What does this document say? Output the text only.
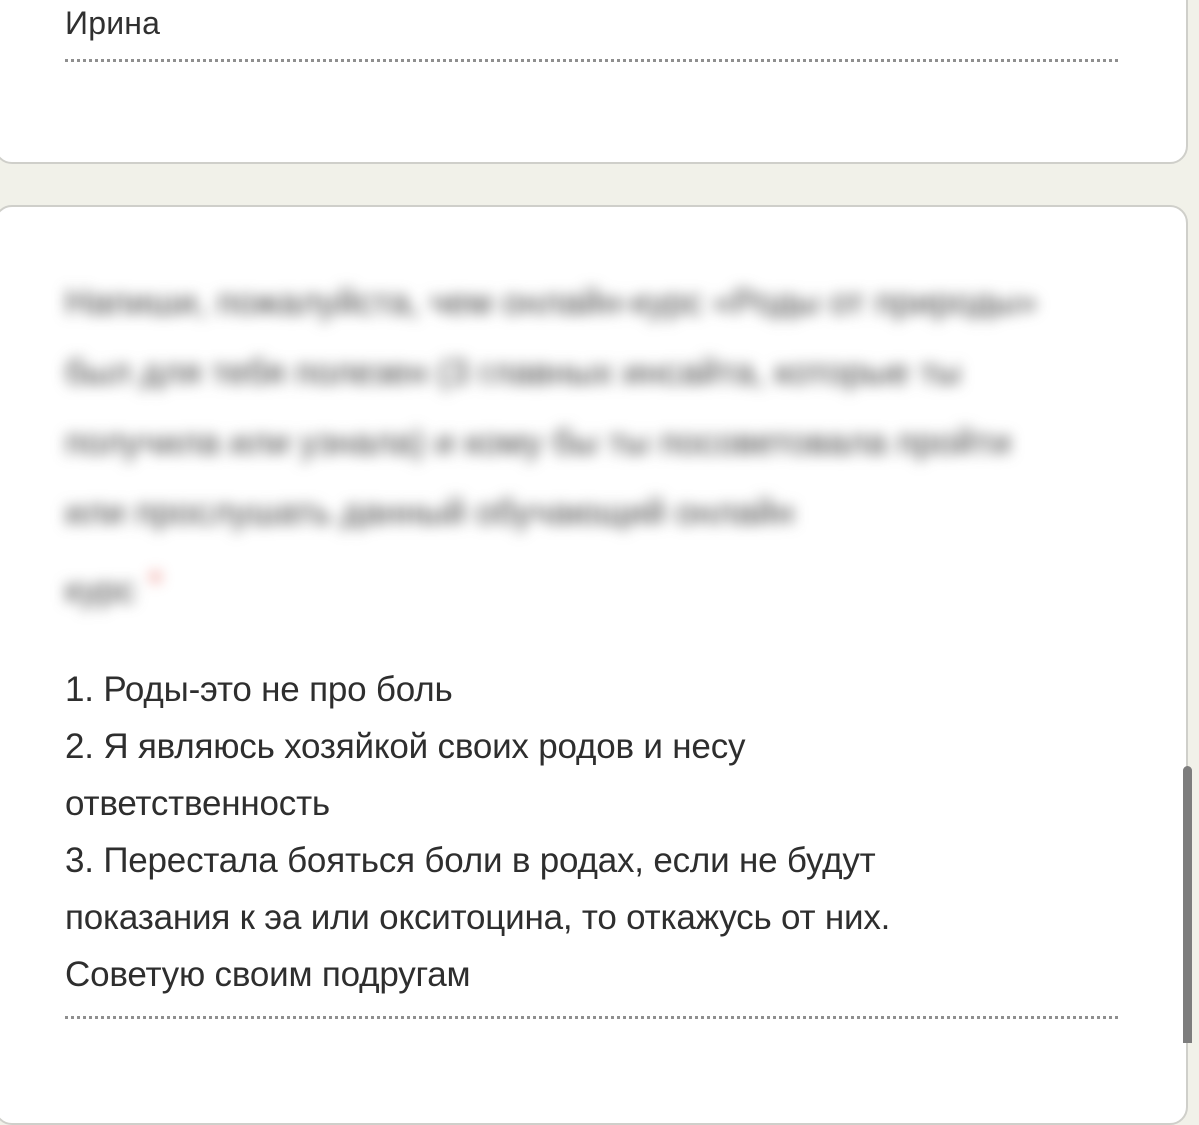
Ирина
Напиши, пожалуйста, чем онлайн-курс «Роды от природы»
был для тебя полезен (3 главных инсайта, которые ты
получила или узнала) и кому бы ты посоветовала пройти
или прослушать данный обучающий онлайн
курс *
1. Роды-это не про боль
2. Я являюсь хозяйкой своих родов и несу
ответственность
3. Перестала бояться боли в родах, если не будут
показания к эа или окситоцина, то откажусь от них.
Советую своим подругам
